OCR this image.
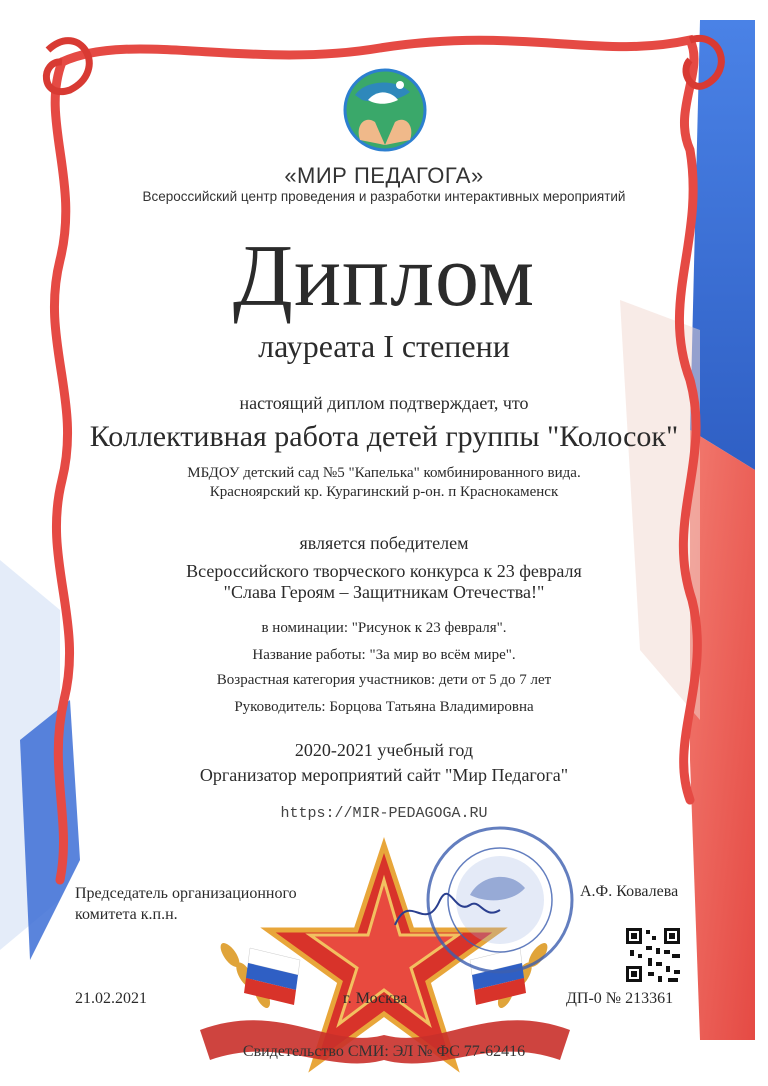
«МИР ПЕДАГОГА»
Всероссийский центр проведения и разработки интерактивных мероприятий
Диплом
лауреата I степени
настоящий диплом подтверждает, что
Коллективная работа детей группы "Колосок"
МБДОУ детский сад №5 "Капелька" комбинированного вида.
Красноярский кр. Курагинский р-он. п Краснокаменск
является победителем
Всероссийского творческого конкурса к 23 февраля
"Слава Героям – Защитникам Отечества!"
в номинации: "Рисунок к 23 февраля".
Название работы: "За мир во всём мире".
Возрастная категория участников: дети от 5 до 7 лет
Руководитель: Борцова Татьяна Владимировна
2020-2021 учебный год
Организатор мероприятий сайт "Мир Педагога"
https://MIR-PEDAGOGA.RU
Председатель организационного
комитета к.п.н.
А.Ф. Ковалева
21.02.2021	г. Москва	ДП-0 № 213361
Свидетельство СМИ: ЭЛ № ФС 77-62416
